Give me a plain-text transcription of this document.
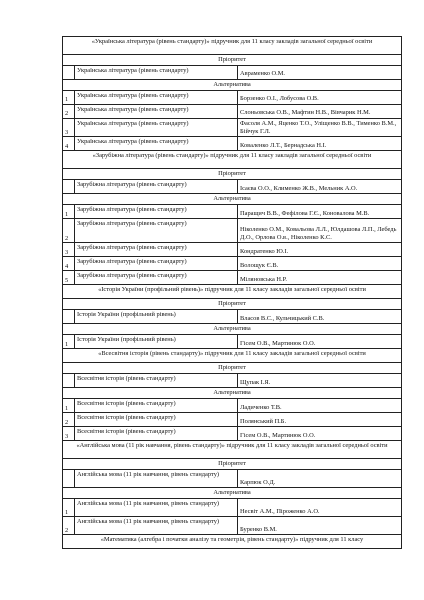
«Українська література (рівень стандарту)» підручник для 11 класу закладів загальної середньої освіти		
Пріоритет		
	Українська література (рівень стандарту)	Авраменко О.М.
Альтернатива		
1	Українська література (рівень стандарту)	Борзенко О.І., Лобусова О.В.
2	Українська література (рівень стандарту)	Слоньовська О.В., Мафтин Н.В., Вівчарик Н.М.
3	Українська література (рівень стандарту)	Фасоля А.М., Яценко Т.О., Уліщенко В.В., Тименко В.М., Бійчук Г.Л.
4	Українська література (рівень стандарту)	Коваленко Л.Т., Бернадська Н.І.
«Зарубіжна література (рівень стандарту)» підручник для 11 класу закладів загальної середньої освіти		
Пріоритет		
	Зарубіжна література (рівень стандарту)	Ісаєва О.О., Клименко Ж.В., Мельник А.О.
Альтернатива		
1	Зарубіжна література (рівень стандарту)	Паращич В.В., Фефілова Г.Є., Коновалова М.В.
2	Зарубіжна література (рівень стандарту)	Ніколенко О.М., Ковальова Л.Л., Юлдашова Л.П., Лебедь Д.О., Орлова О.в., Ніколенко К.С.
3	Зарубіжна література (рівень стандарту)	Кондратенко Ю.І.
4	Зарубіжна література (рівень стандарту)	Волощук Є.В.
5	Зарубіжна література (рівень стандарту)	Міляновська Н.Р.
«Історія України (профільний рівень)» підручник для 11 класу закладів загальної середньої освіти		
Пріоритет		
	Історія України (профільний рівень)	Власов В.С., Кульчицький С.В.
Альтернатива		
1	Історія України (профільний рівень)	Гісем О.В., Мартинюк О.О.
«Всесвітня історія (рівень стандарту)» підручник для 11 класу закладів загальної середньої освіти		
Пріоритет		
	Всесвітня історія (рівень стандарту)	Щупак І.Я.
Альтернатива		
1	Всесвітня історія (рівень стандарту)	Ладиченко Т.В.
2	Всесвітня історія (рівень стандарту)	Полянський П.Б.
3	Всесвітня історія (рівень стандарту)	Гісем О.В., Мартинюк О.О.
«Англійська мова (11 рік навчання, рівень стандарту)» підручник для 11 класу закладів загальної середньої освіти		
Пріоритет		
	Англійська мова (11 рік навчання, рівень стандарту)	Карпюк О.Д.
Альтернатива		
1	Англійська мова (11 рік навчання, рівень стандарту)	Несвіт А.М., Піроженко А.О.
2	Англійська мова (11 рік навчання, рівень стандарту)	Буренко В.М.
«Математика (алгебра і початки аналізу та геометрія, рівень стандарту)» підручник для 11 класу		
